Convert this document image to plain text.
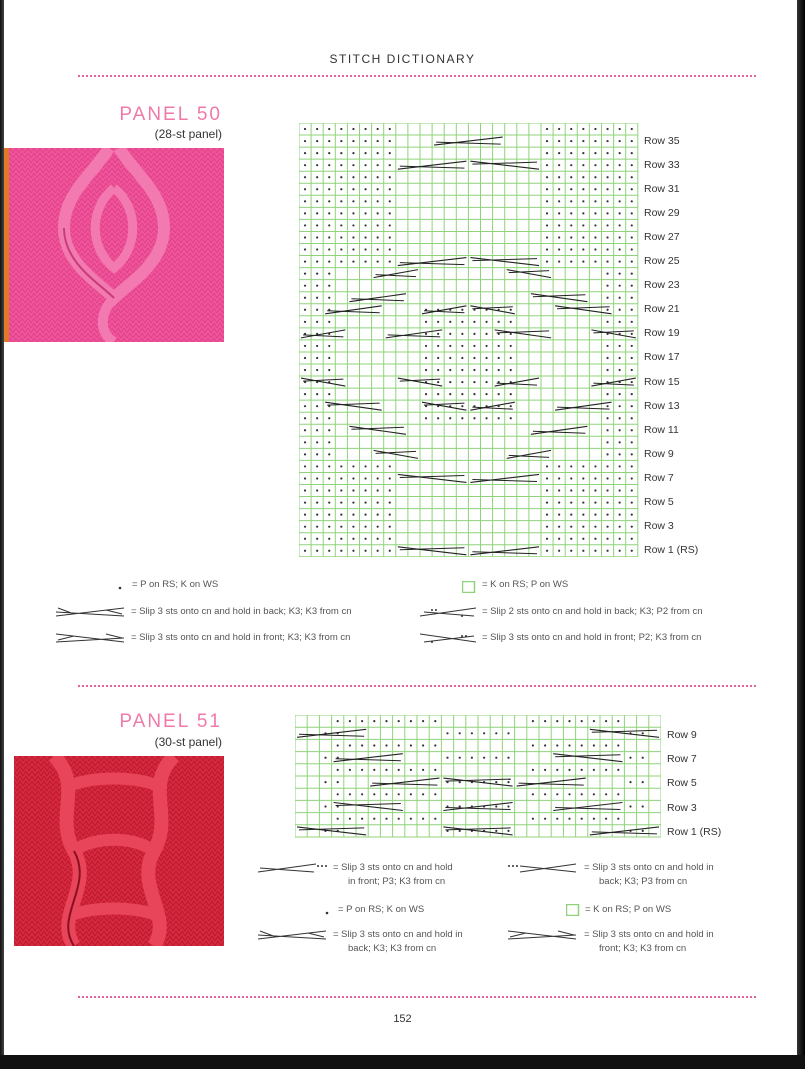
STITCH DICTIONARY
PANEL 50
(28-st panel)	Row 35
Row 33
Row 31
Row 29
Row 27
Row 25
Row 23
Row 21
Row 19
Row 17
Row 15
Row 13
Row 11
Row 9
Row 7
Row 5
Row 3
Row 1 (RS)
= P on RS; K on WS	= K on RS; P on WS
= Slip 3 sts onto cn and hold in back; K3; K3 from cn	= Slip 2 sts onto cn and hold in back; K3; P2 from cn
= Slip 3 sts onto cn and hold in front; K3; K3 from cn	= Slip 3 sts onto cn and hold in front; P2; K3 from cn
PANEL 51
(30-st panel)	Row 9
Row 7
Row 5
Row 3
Row 1 (RS)
= Slip 3 sts onto cn and hold
in front; P3; K3 from cn
= Slip 3 sts onto cn and hold in
back; K3; P3 from cn
= P on RS; K on WS	= K on RS; P on WS
= Slip 3 sts onto cn and hold in
back; K3; K3 from cn
= Slip 3 sts onto cn and hold in
front; K3; K3 from cn
152
